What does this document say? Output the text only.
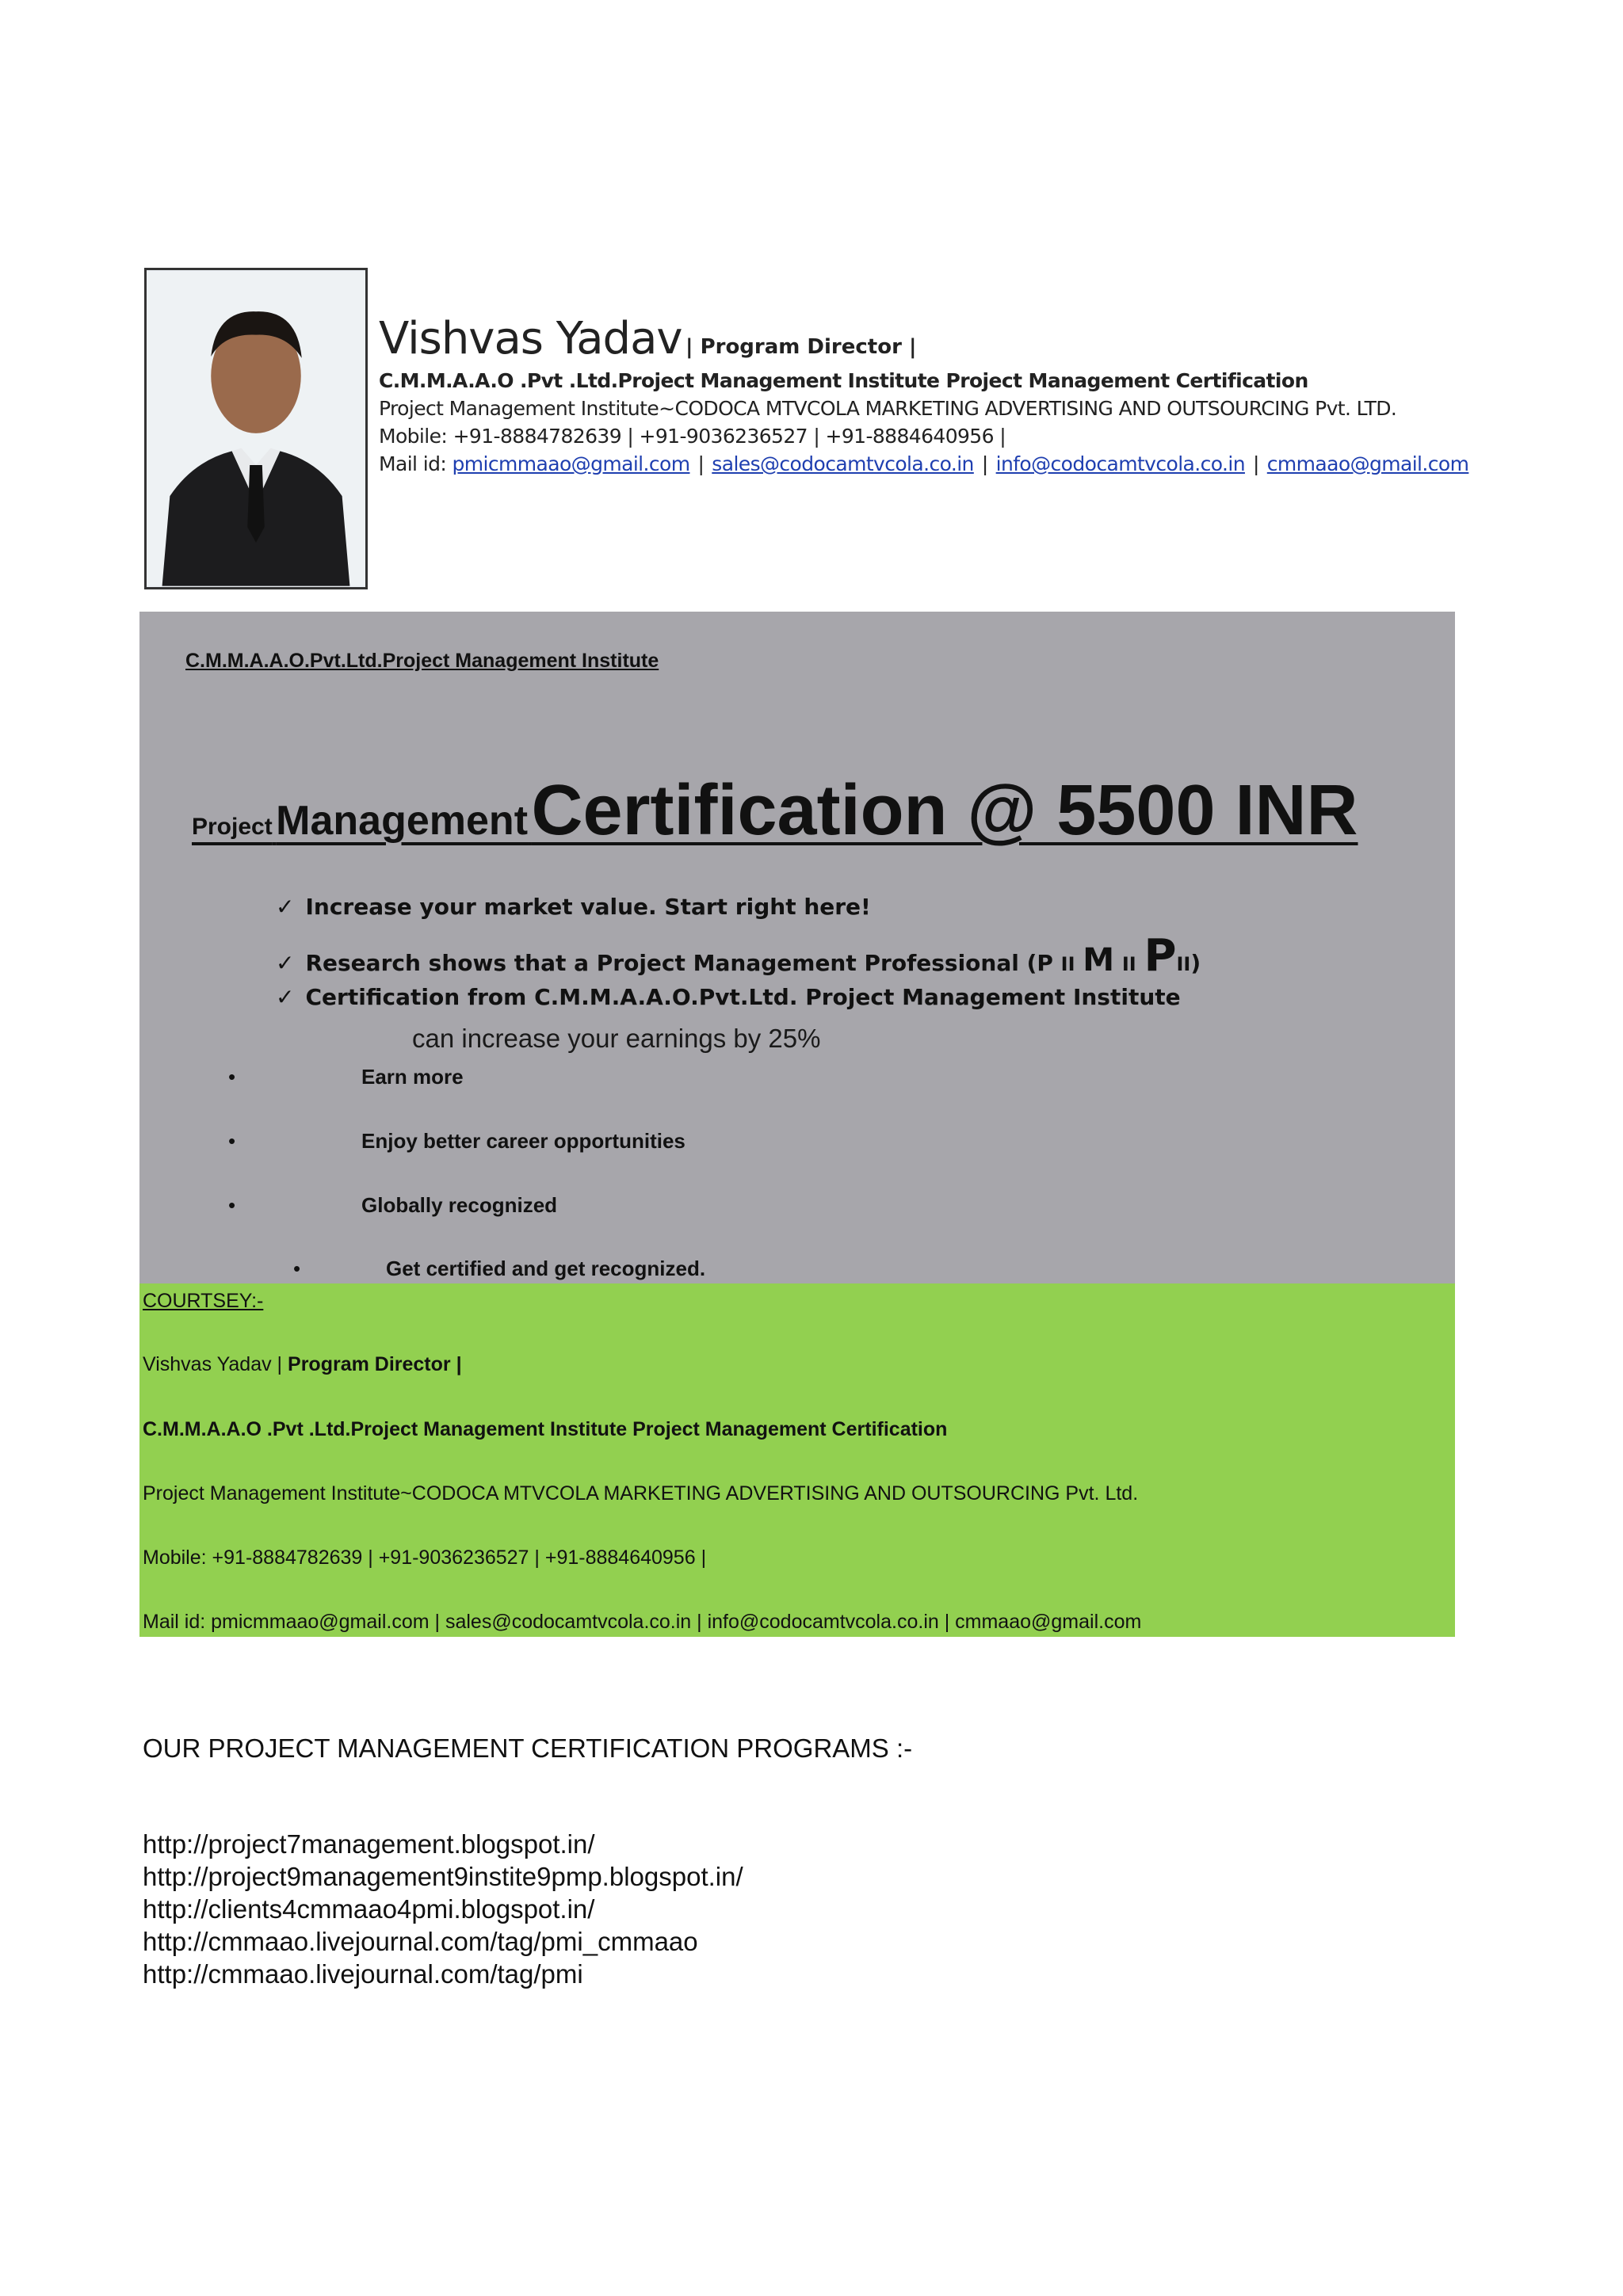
Vishvas Yadav | Program Director |
C.M.M.A.A.O .Pvt .Ltd.Project Management Institute Project Management Certification
Project Management Institute~CODOCA MTVCOLA MARKETING ADVERTISING AND OUTSOURCING Pvt. LTD.
Mobile: +91-8884782639 | +91-9036236527 | +91-8884640956 |
Mail id: pmicmmaao@gmail.com | sales@codocamtvcola.co.in | info@codocamtvcola.co.in | cmmaao@gmail.com
C.M.M.A.A.O.Pvt.Ltd.Project Management Institute
Project Management Certification @ 5500 INR
✓ Increase your market value. Start right here!
✓ Research shows that a Project Management Professional (P II M II PII)
✓ Certification from C.M.M.A.A.O.Pvt.Ltd. Project Management Institute
can increase your earnings by 25%
•	Earn more
•	Enjoy better career opportunities
•	Globally recognized
•	Get certified and get recognized.
COURTSEY:-
Vishvas Yadav | Program Director |
C.M.M.A.A.O .Pvt .Ltd.Project Management Institute Project Management Certification
Project Management Institute~CODOCA MTVCOLA MARKETING ADVERTISING AND OUTSOURCING Pvt. Ltd.
Mobile: +91-8884782639 | +91-9036236527 | +91-8884640956 |
Mail id: pmicmmaao@gmail.com | sales@codocamtvcola.co.in | info@codocamtvcola.co.in | cmmaao@gmail.com
OUR PROJECT MANAGEMENT CERTIFICATION PROGRAMS :-
http://project7management.blogspot.in/
http://project9management9instite9pmp.blogspot.in/
http://clients4cmmaao4pmi.blogspot.in/
http://cmmaao.livejournal.com/tag/pmi_cmmaao
http://cmmaao.livejournal.com/tag/pmi
